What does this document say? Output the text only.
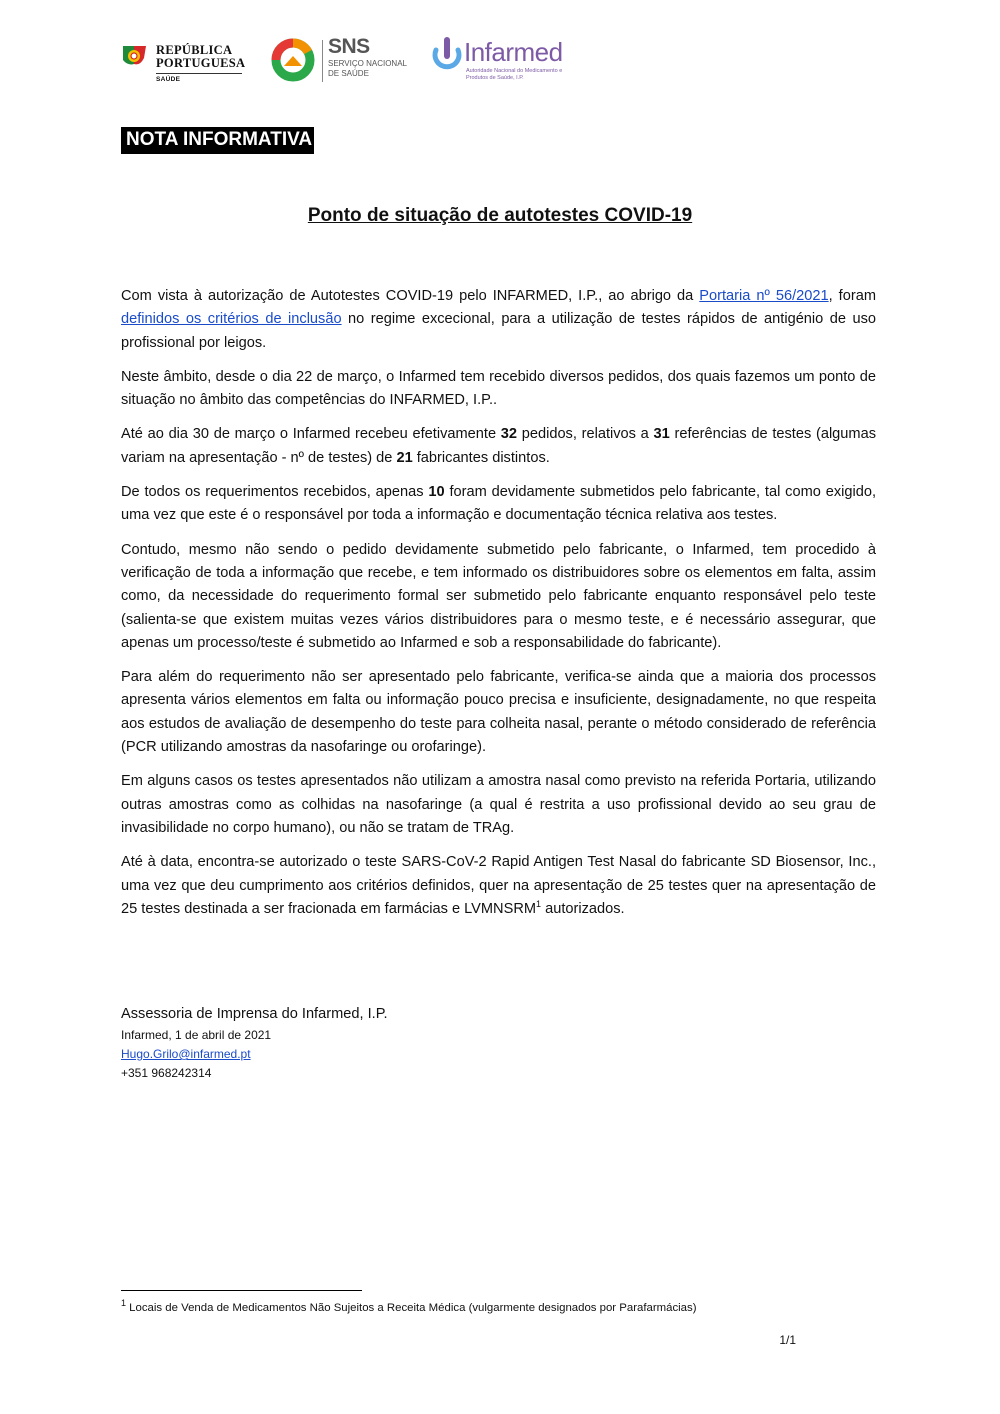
REPÚBLICA
PORTUGUESA
SAÚDE
SNS
SERVIÇO NACIONAL DE SAÚDE
Infarmed
Autoridade Nacional do Medicamento e Produtos de Saúde, I.P.
NOTA INFORMATIVA
Ponto de situação de autotestes COVID-19

Com vista à autorização de Autotestes COVID-19 pelo INFARMED, I.P., ao abrigo da Portaria nº 56/2021, foram definidos os critérios de inclusão no regime excecional, para a utilização de testes rápidos de antigénio de uso profissional por leigos.

Neste âmbito, desde o dia 22 de março, o Infarmed tem recebido diversos pedidos, dos quais fazemos um ponto de situação no âmbito das competências do INFARMED, I.P..

Até ao dia 30 de março o Infarmed recebeu efetivamente 32 pedidos, relativos a 31 referências de testes (algumas variam na apresentação - nº de testes) de 21 fabricantes distintos.

De todos os requerimentos recebidos, apenas 10 foram devidamente submetidos pelo fabricante, tal como exigido, uma vez que este é o responsável por toda a informação e documentação técnica relativa aos testes.

Contudo, mesmo não sendo o pedido devidamente submetido pelo fabricante, o Infarmed, tem procedido à verificação de toda a informação que recebe, e tem informado os distribuidores sobre os elementos em falta, assim como, da necessidade do requerimento formal ser submetido pelo fabricante enquanto responsável pelo teste (salienta-se que existem muitas vezes vários distribuidores para o mesmo teste, e é necessário assegurar, que apenas um processo/teste é submetido ao Infarmed e sob a responsabilidade do fabricante).

Para além do requerimento não ser apresentado pelo fabricante, verifica-se ainda que a maioria dos processos apresenta vários elementos em falta ou informação pouco precisa e insuficiente, designadamente, no que respeita aos estudos de avaliação de desempenho do teste para colheita nasal, perante o método considerado de referência (PCR utilizando amostras da nasofaringe ou orofaringe).

Em alguns casos os testes apresentados não utilizam a amostra nasal como previsto na referida Portaria, utilizando outras amostras como as colhidas na nasofaringe (a qual é restrita a uso profissional devido ao seu grau de invasibilidade no corpo humano), ou não se tratam de TRAg.

Até à data, encontra-se autorizado o teste SARS-CoV-2 Rapid Antigen Test Nasal do fabricante SD Biosensor, Inc., uma vez que deu cumprimento aos critérios definidos, quer na apresentação de 25 testes quer na apresentação de 25 testes destinada a ser fracionada em farmácias e LVMNSRM$^1$ autorizados.

Assessoria de Imprensa do Infarmed, I.P.
Infarmed, 1 de abril de 2021
Hugo.Grilo@infarmed.pt
+351 968242314
$^1$ Locais de Venda de Medicamentos Não Sujeitos a Receita Médica (vulgarmente designados por Parafarmácias)
1/1
